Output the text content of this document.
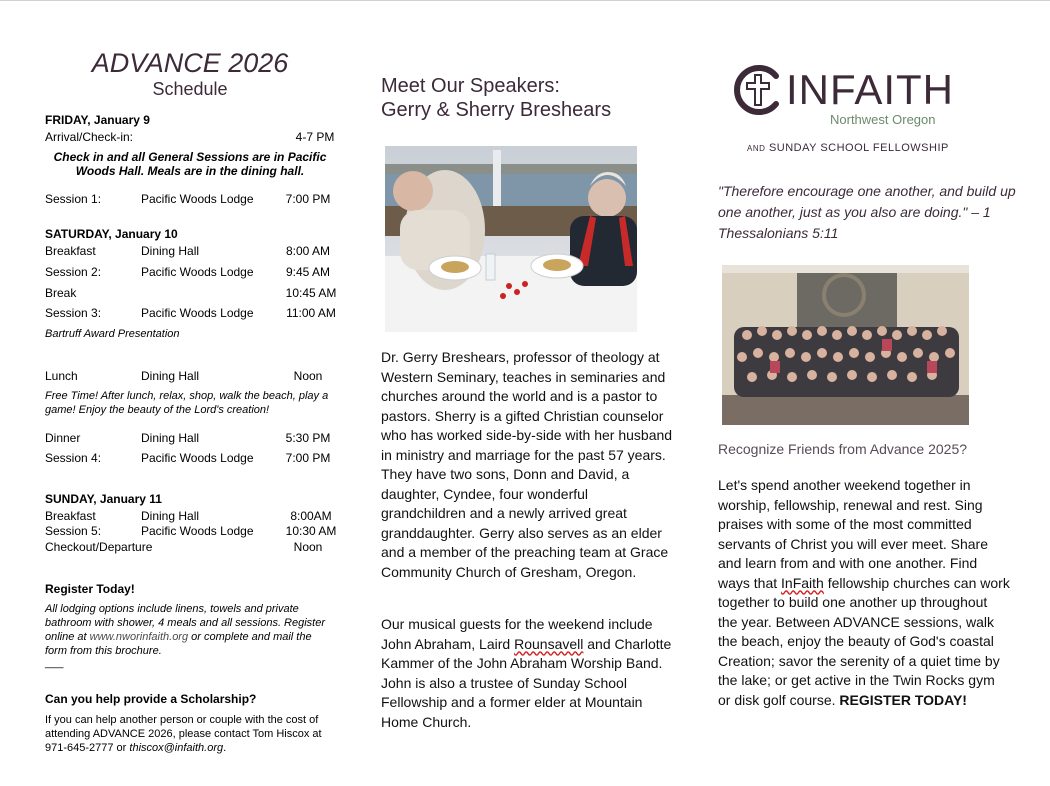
ADVANCE 2026
Schedule
FRIDAY, January 9
Arrival/Check-in:	4-7 PM
Check in and all General Sessions are in Pacific Woods Hall. Meals are in the dining hall.
Session 1:	Pacific Woods Lodge	7:00 PM
SATURDAY, January 10
Breakfast	Dining Hall	8:00 AM
Session 2:	Pacific Woods Lodge	9:45 AM
Break	10:45 AM
Session 3:	Pacific Woods Lodge	11:00 AM
Bartruff Award Presentation
Lunch	Dining Hall	Noon
Free Time! After lunch, relax, shop, walk the beach, play a game! Enjoy the beauty of the Lord's creation!
Dinner	Dining Hall	5:30 PM
Session 4:	Pacific Woods Lodge	7:00 PM
SUNDAY, January 11
Breakfast	Dining Hall	8:00AM
Session 5:	Pacific Woods Lodge	10:30 AM
Checkout/Departure	Noon
Register Today!
All lodging options include linens, towels and private bathroom with shower, 4 meals and all sessions. Register online at www.nworinfaith.org or complete and mail the form from this brochure.
___
Can you help provide a Scholarship?
If you can help another person or couple with the cost of attending ADVANCE 2026, please contact Tom Hiscox at 971-645-2777 or thiscox@infaith.org.
Meet Our Speakers:
Gerry & Sherry Breshears
Dr. Gerry Breshears, professor of theology at Western Seminary, teaches in seminaries and churches around the world and is a pastor to pastors. Sherry is a gifted Christian counselor who has worked side-by-side with her husband in ministry and marriage for the past 57 years. They have two sons, Donn and David, a daughter, Cyndee, four wonderful grandchildren and a newly arrived great granddaughter. Gerry also serves as an elder and a member of the preaching team at Grace Community Church of Gresham, Oregon.
Our musical guests for the weekend include John Abraham, Laird Rounsavell and Charlotte Kammer of the John Abraham Worship Band. John is also a trustee of Sunday School Fellowship and a former elder at Mountain Home Church.
INFAITH
Northwest Oregon
and SUNDAY SCHOOL FELLOWSHIP
"Therefore encourage one another, and build up one another, just as you also are doing." – 1 Thessalonians 5:11
Recognize Friends from Advance 2025?
Let's spend another weekend together in worship, fellowship, renewal and rest. Sing praises with some of the most committed servants of Christ you will ever meet. Share and learn from and with one another. Find ways that InFaith fellowship churches can work together to build one another up throughout the year. Between ADVANCE sessions, walk the beach, enjoy the beauty of God's coastal Creation; savor the serenity of a quiet time by the lake; or get active in the Twin Rocks gym or disk golf course. REGISTER TODAY!
